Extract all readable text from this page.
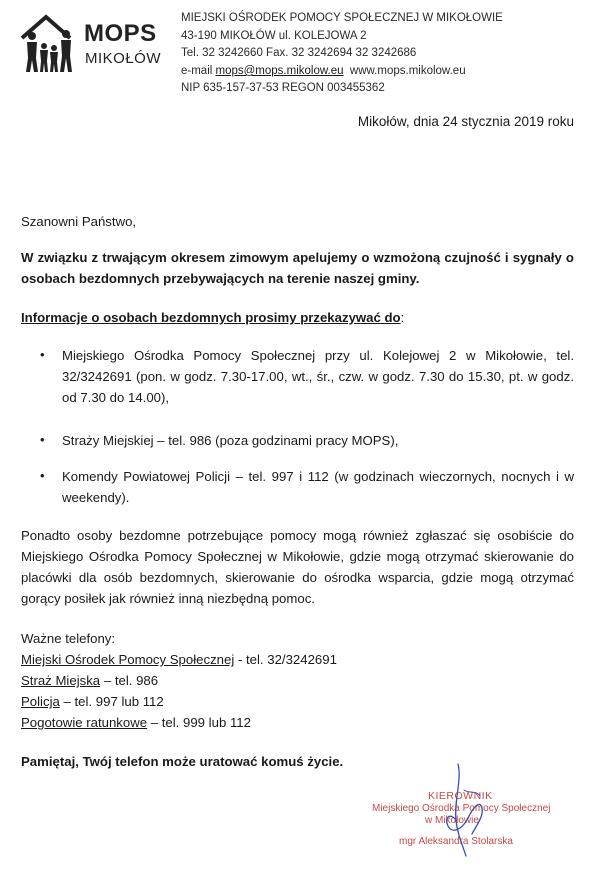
MOPS
MIKOŁÓW
MIEJSKI OŚRODEK POMOCY SPOŁECZNEJ W MIKOŁOWIE
43-190 MIKOŁÓW ul. KOLEJOWA 2
Tel. 32 3242660 Fax. 32 3242694 32 3242686
e-mail mops@mops.mikolow.eu www.mops.mikolow.eu
NIP 635-157-37-53 REGON 003455362
Mikołów, dnia 24 stycznia 2019 roku
Szanowni Państwo,
W związku z trwającym okresem zimowym apelujemy o wzmożoną czujność i sygnały o osobach bezdomnych przebywających na terenie naszej gminy.
Informacje o osobach bezdomnych prosimy przekazywać do:
• Miejskiego Ośrodka Pomocy Społecznej przy ul. Kolejowej 2 w Mikołowie, tel. 32/3242691 (pon. w godz. 7.30-17.00, wt., śr., czw. w godz. 7.30 do 15.30, pt. w godz. od 7.30 do 14.00),
• Straży Miejskiej – tel. 986 (poza godzinami pracy MOPS),
• Komendy Powiatowej Policji – tel. 997 i 112 (w godzinach wieczornych, nocnych i w weekendy).
Ponadto osoby bezdomne potrzebujące pomocy mogą również zgłaszać się osobiście do Miejskiego Ośrodka Pomocy Społecznej w Mikołowie, gdzie mogą otrzymać skierowanie do placówki dla osób bezdomnych, skierowanie do ośrodka wsparcia, gdzie mogą otrzymać gorący posiłek jak również inną niezbędną pomoc.
Ważne telefony:
Miejski Ośrodek Pomocy Społecznej - tel. 32/3242691
Straż Miejska – tel. 986
Policja – tel. 997 lub 112
Pogotowie ratunkowe – tel. 999 lub 112
Pamiętaj, Twój telefon może uratować komuś życie.
KIEROWNIK
Miejskiego Ośrodka Pomocy Społecznej
w Mikołowie
mgr Aleksandra Stolarska
